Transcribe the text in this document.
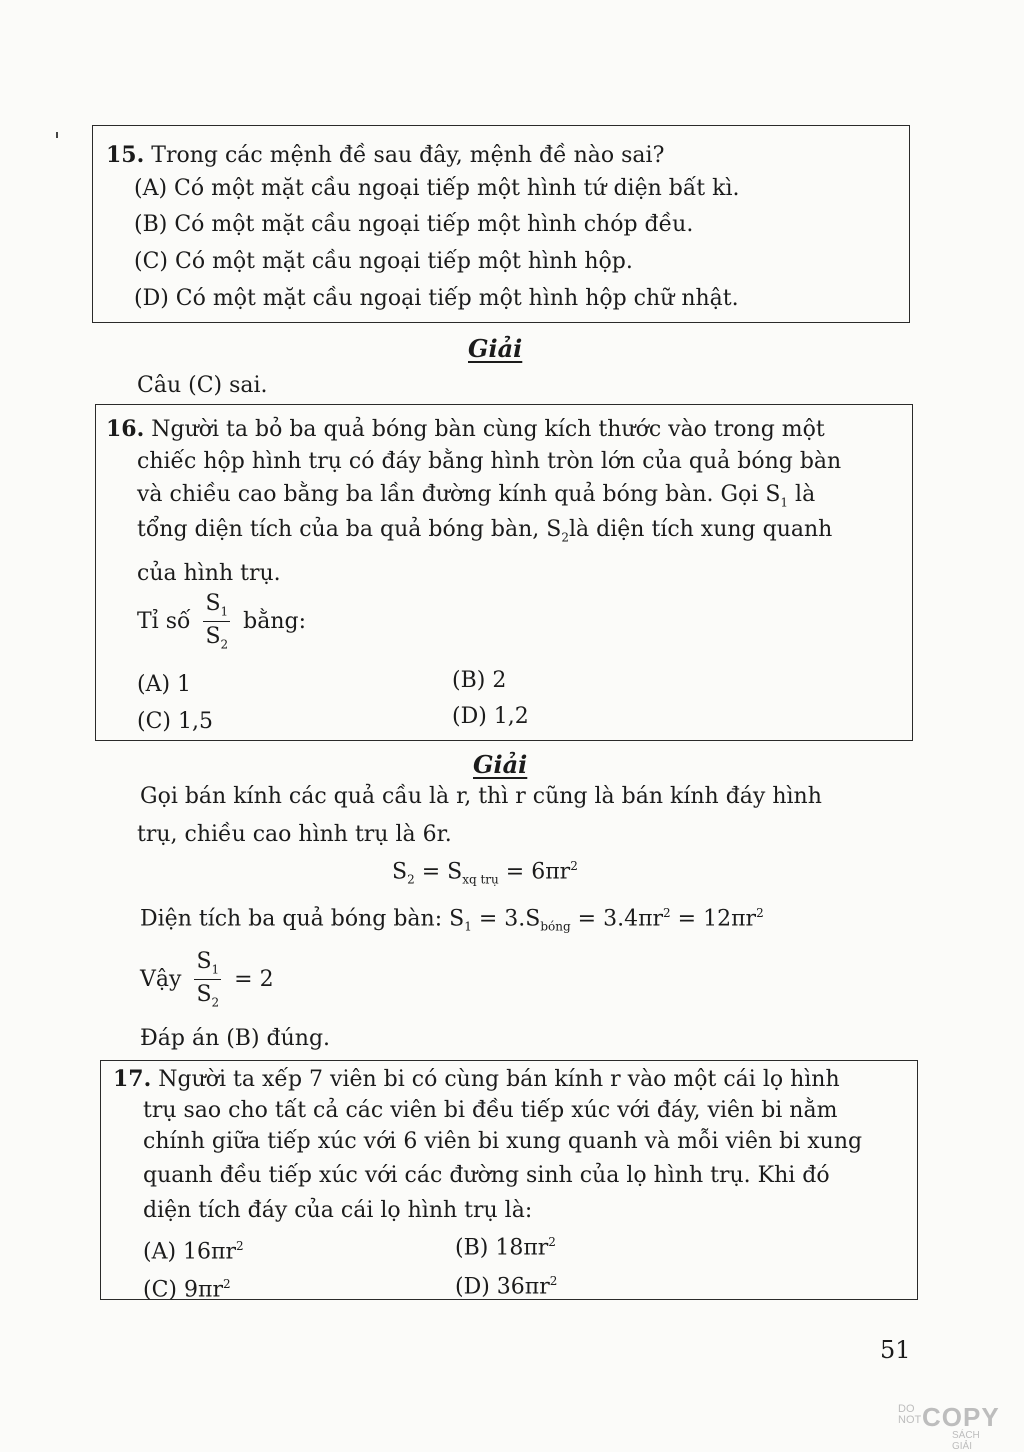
15. Trong các mệnh đề sau đây, mệnh đề nào sai?
(A) Có một mặt cầu ngoại tiếp một hình tứ diện bất kì.
(B) Có một mặt cầu ngoại tiếp một hình chóp đều.
(C) Có một mặt cầu ngoại tiếp một hình hộp.
(D) Có một mặt cầu ngoại tiếp một hình hộp chữ nhật.
Giải
Câu (C) sai.
16. Người ta bỏ ba quả bóng bàn cùng kích thước vào trong một
chiếc hộp hình trụ có đáy bằng hình tròn lớn của quả bóng bàn
và chiều cao bằng ba lần đường kính quả bóng bàn. Gọi $S_1$ là
tổng diện tích của ba quả bóng bàn, $S_2là$ diện tích xung quanh
của hình trụ.
Tỉ số $\frac{S_1}{S_2}$ bằng:
(A) 1	(B) 2
(C) 1,5	(D) 1,2
Giải
Gọi bán kính các quả cầu là r, thì r cũng là bán kính đáy hình
trụ, chiều cao hình trụ là 6r.
$S_2 = S_{xq trụ} = 6\pi r^2$
Diện tích ba quả bóng bàn: $S_1 = 3.S_{bóng} = 3.4\pi r^2 = 12\pi r^2$
Vậy $\frac{S_1}{S_2} = 2$
Đáp án (B) đúng.
17. Người ta xếp 7 viên bi có cùng bán kính r vào một cái lọ hình
trụ sao cho tất cả các viên bi đều tiếp xúc với đáy, viên bi nằm
chính giữa tiếp xúc với 6 viên bi xung quanh và mỗi viên bi xung
quanh đều tiếp xúc với các đường sinh của lọ hình trụ. Khi đó
diện tích đáy của cái lọ hình trụ là:
(A) $16\pi r^2$	(B) $18\pi r^2$
(C) $9\pi r^2$	(D) $36\pi r^2$
51
DO
NOT COPY
SÁCH GIẢI
